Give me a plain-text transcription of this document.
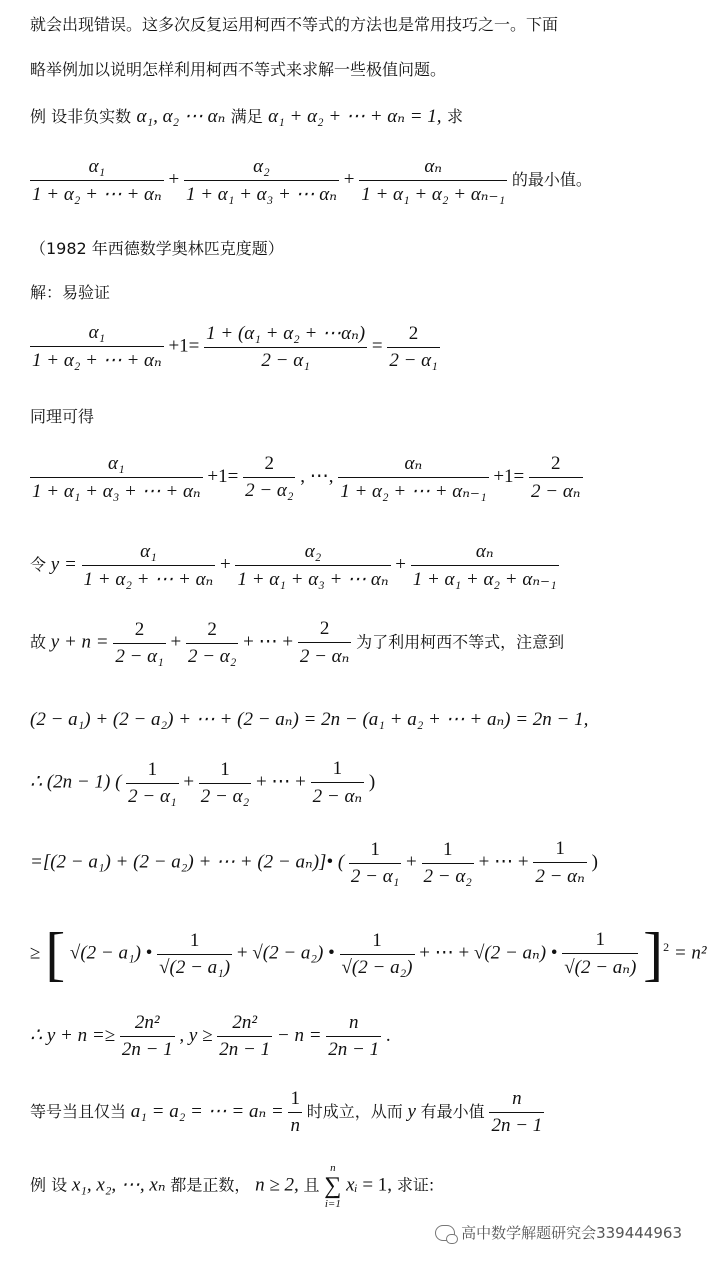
就会出现错误。这多次反复运用柯西不等式的方法也是常用技巧之一。下面
略举例加以说明怎样利用柯西不等式来求解一些极值问题。
例 设非负实数 α₁, α₂ ⋯ αₙ 满足 α₁ + α₂ + ⋯ + αₙ = 1, 求
$\frac{\text{α₁}}{\text{1 + α₂ + ⋯ + αₙ}} + \frac{\text{α₂}}{\text{1 + α₁ + α₃ + ⋯ αₙ}} + \frac{\text{αₙ}}{\text{1 + α₁ + α₂ + αₙ₋₁}}$ 的最小值。
（1982 年西德数学奥林匹克度题）
解：易验证
$\frac{\text{α₁}}{\text{1 + α₂ + ⋯ + αₙ}} +1= \frac{\text{1 + (α₁ + α₂ + ⋯αₙ)}}{\text{2 − α₁}} = \frac{2}{\text{2 − α₁}}$
同理可得
$\frac{\text{α₁}}{\text{1 + α₁ + α₃ + ⋯ + αₙ}} +1= \frac{2}{\text{2 − α₂}}$ , ⋯, $\frac{\text{αₙ}}{\text{1 + α₂ + ⋯ + αₙ₋₁}} +1= \frac{2}{\text{2 − αₙ}}$
令 $y = \frac{\text{α₁}}{\text{1 + α₂ + ⋯ + αₙ}} + \frac{\text{α₂}}{\text{1 + α₁ + α₃ + ⋯ αₙ}} + \frac{\text{αₙ}}{\text{1 + α₁ + α₂ + αₙ₋₁}}$
故 $y + n = \frac{2}{\text{2 − α₁}} + \frac{2}{\text{2 − α₂}}$ + ⋯ + $\frac{2}{\text{2 − αₙ}}$ 为了利用柯西不等式，注意到
(2 − a₁) + (2 − a₂) + ⋯ + (2 − aₙ) = 2n − (a₁ + a₂ + ⋯ + aₙ) = 2n − 1,
∴ (2n − 1) ( $\frac{1}{\text{2 − α₁}} + \frac{1}{\text{2 − α₂}}$ + ⋯ + $\frac{1}{\text{2 − αₙ}}$ )
=[(2 − a₁) + (2 − a₂) + ⋯ + (2 − aₙ)]• ( $\frac{1}{\text{2 − α₁}} + \frac{1}{\text{2 − α₂}}$ + ⋯ + $\frac{1}{\text{2 − αₙ}}$ )
≥ [ √(2 − a₁) • $\frac{1}{\text{√(2 − a₁)}} + √(2 - a_2)$ • $\frac{1}{\text{√(2 − a₂)}}$ + ⋯ + √(2 − aₙ) • $\frac{1}{\text{√(2 − aₙ)}} ]^2 = n^2$
∴ $y + n =\ge \frac{\text{2n²}}{2n - 1}$ , $y \ge \frac{\text{2n²}}{2n - 1} - n = \frac{n}{2n - 1}$ .
等号当且仅当 a₁ = a₂ = ⋯ = $a_n = \frac{1}{n}$ 时成立，从而 y 有最小值 $\frac{n}{2n - 1}$
例 设 x₁, x₂, ⋯, xₙ 都是正数， n ≥ 2, 且
n
∑
i=1
xᵢ = 1, 求证:
高中数学解题研究会339444963
